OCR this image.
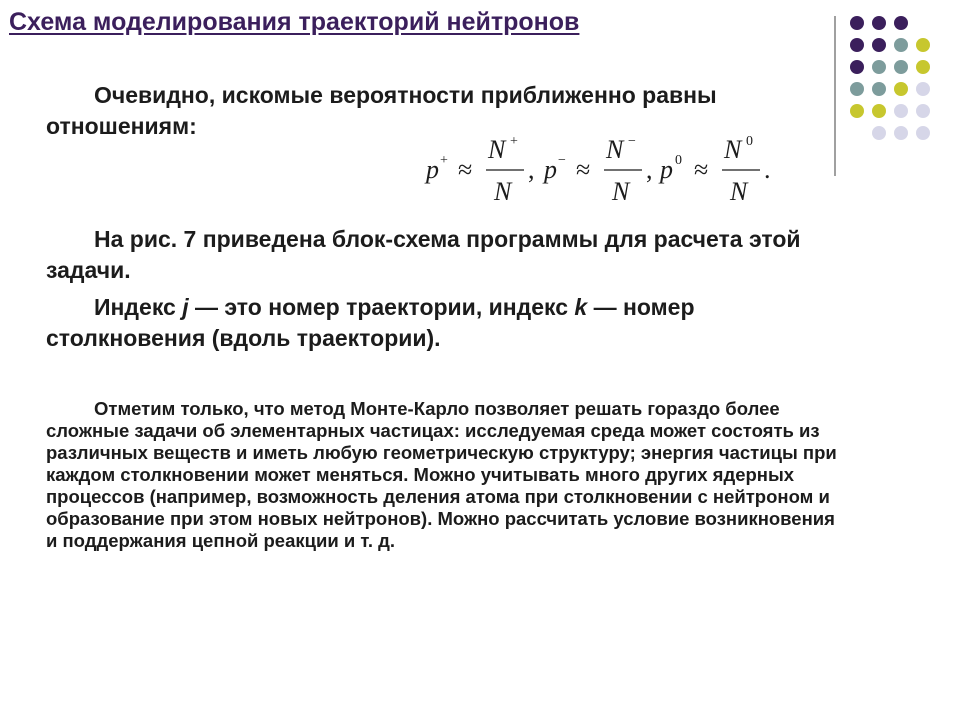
Схема моделирования траекторий нейтронов

Очевидно, искомые вероятности приближенно равны отношениям:

p + ≈
N +
N
, p − ≈
N −
N
, p 0 ≈
N 0
N
.

На рис. 7 приведена блок-схема программы для расчета этой задачи.

Индекс j — это номер траектории, индекс k — номер столкновения (вдоль траектории).

Отметим только, что метод Монте-Карло позволяет решать гораздо более сложные задачи об элементарных частицах: исследуемая среда может состоять из различных веществ и иметь любую геометрическую структуру; энергия частицы при каждом столкновении может меняться. Можно учитывать много других ядерных процессов (например, возможность деления атома при столкновении с нейтроном и образование при этом новых нейтронов). Можно рассчитать условие возникновения и поддержания цепной реакции и т. д.
